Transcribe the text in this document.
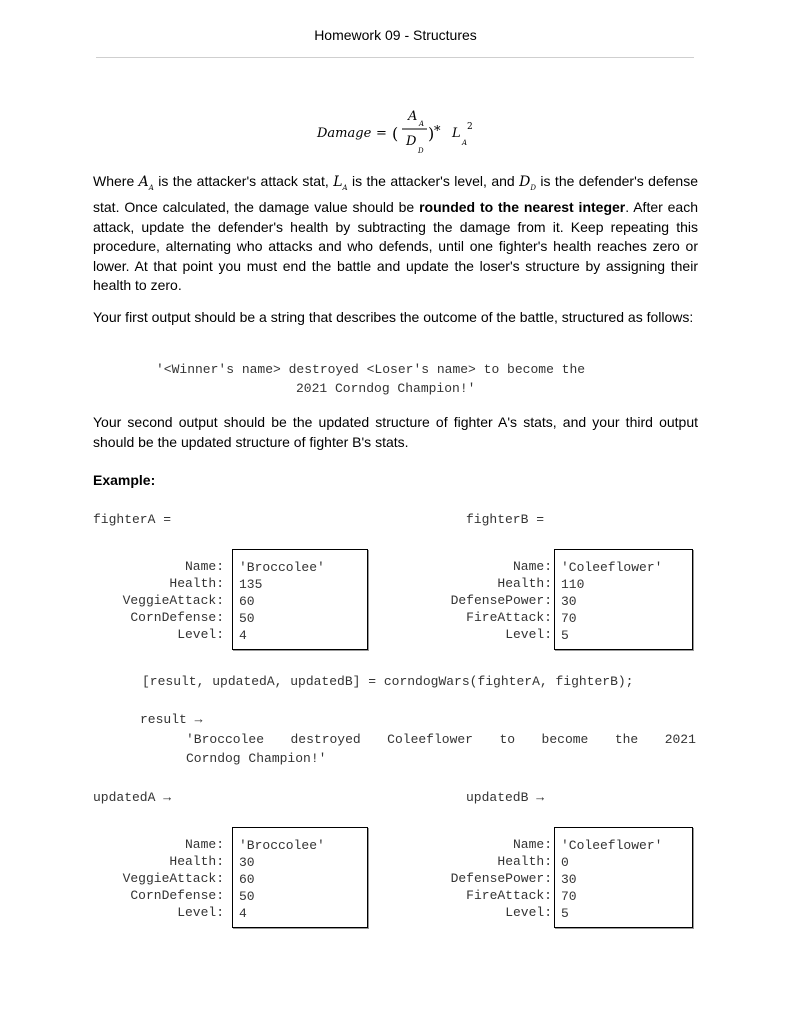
Homework 09 - Structures
Damage = (
A A
D
D
) * L
A
2
Where $A_A$ is the attacker's attack stat, $L_A$ is the attacker's level, and $D_D$ is the defender's defense stat. Once calculated, the damage value should be rounded to the nearest integer. After each attack, update the defender's health by subtracting the damage from it. Keep repeating this procedure, alternating who attacks and who defends, until one fighter's health reaches zero or lower. At that point you must end the battle and update the loser's structure by assigning their health to zero.
Your first output should be a string that describes the outcome of the battle, structured as follows:
'<Winner's name> destroyed <Loser's name> to become the
2021 Corndog Champion!'
Your second output should be the updated structure of fighter A's stats, and your third output should be the updated structure of fighter B's stats.
Example:
fighterA =	fighterB =
Name:
Health:
VeggieAttack:
CornDefense:
Level:
'Broccolee'
135
60
50
4
Name:
Health:
DefensePower:
FireAttack:
Level:
'Coleeflower'
110
30
70
5
[result, updatedA, updatedB] = corndogWars(fighterA, fighterB);
result →
'Broccolee destroyed Coleeflower to become the 2021
Corndog Champion!'
updatedA →	updatedB →
Name:
Health:
VeggieAttack:
CornDefense:
Level:
'Broccolee'
30
60
50
4
Name:
Health:
DefensePower:
FireAttack:
Level:
'Coleeflower'
0
30
70
5
